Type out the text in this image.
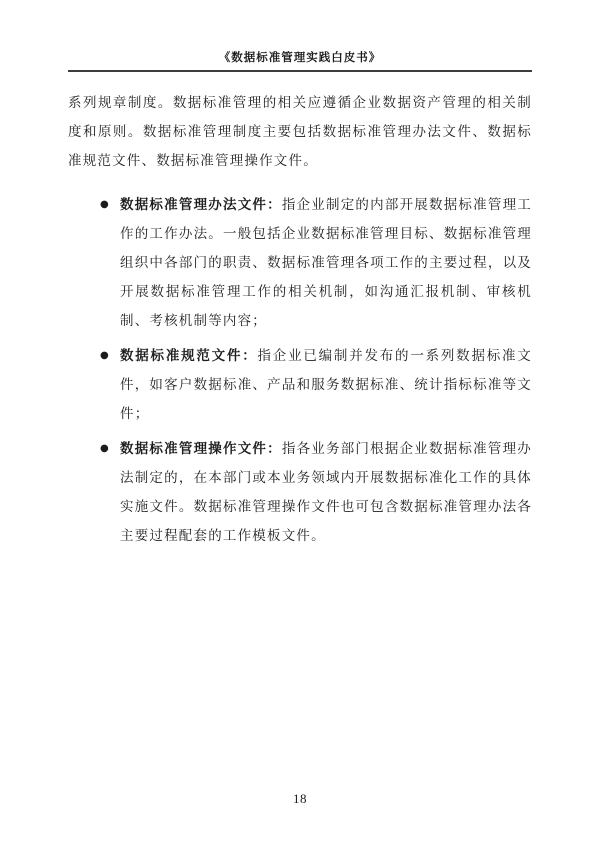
《数据标准管理实践白皮书》

系列规章制度。数据标准管理的相关应遵循企业数据资产管理的相关制度和原则。数据标准管理制度主要包括数据标准管理办法文件、数据标准规范文件、数据标准管理操作文件。

● 数据标准管理办法文件：指企业制定的内部开展数据标准管理工作的工作办法。一般包括企业数据标准管理目标、数据标准管理组织中各部门的职责、数据标准管理各项工作的主要过程，以及开展数据标准管理工作的相关机制，如沟通汇报机制、审核机制、考核机制等内容；
● 数据标准规范文件：指企业已编制并发布的一系列数据标准文件，如客户数据标准、产品和服务数据标准、统计指标标准等文件；
● 数据标准管理操作文件：指各业务部门根据企业数据标准管理办法制定的，在本部门或本业务领域内开展数据标准化工作的具体实施文件。数据标准管理操作文件也可包含数据标准管理办法各主要过程配套的工作模板文件。
18
